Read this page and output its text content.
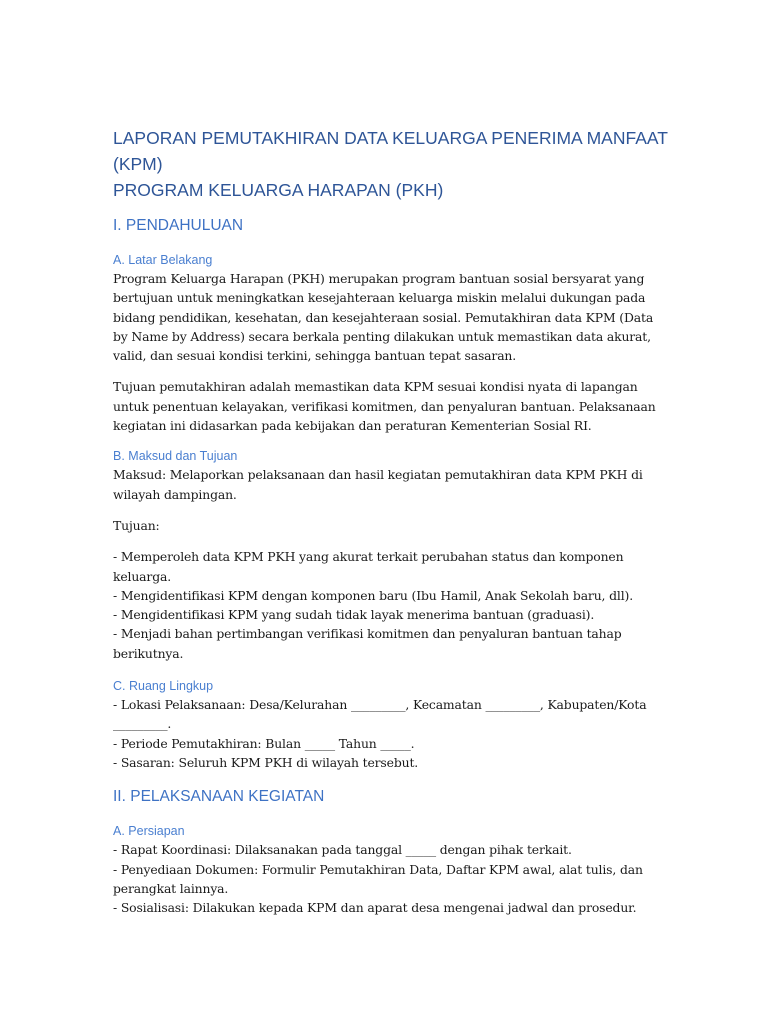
LAPORAN PEMUTAKHIRAN DATA KELUARGA PENERIMA MANFAAT (KPM)
PROGRAM KELUARGA HARAPAN (PKH)
I. PENDAHULUAN
A. Latar Belakang

Program Keluarga Harapan (PKH) merupakan program bantuan sosial bersyarat yang bertujuan untuk meningkatkan kesejahteraan keluarga miskin melalui dukungan pada bidang pendidikan, kesehatan, dan kesejahteraan sosial. Pemutakhiran data KPM (Data by Name by Address) secara berkala penting dilakukan untuk memastikan data akurat, valid, dan sesuai kondisi terkini, sehingga bantuan tepat sasaran.

Tujuan pemutakhiran adalah memastikan data KPM sesuai kondisi nyata di lapangan untuk penentuan kelayakan, verifikasi komitmen, dan penyaluran bantuan. Pelaksanaan kegiatan ini didasarkan pada kebijakan dan peraturan Kementerian Sosial RI.

B. Maksud dan Tujuan

Maksud: Melaporkan pelaksanaan dan hasil kegiatan pemutakhiran data KPM PKH di wilayah dampingan.

Tujuan:

- Memperoleh data KPM PKH yang akurat terkait perubahan status dan komponen keluarga.
- Mengidentifikasi KPM dengan komponen baru (Ibu Hamil, Anak Sekolah baru, dll).
- Mengidentifikasi KPM yang sudah tidak layak menerima bantuan (graduasi).
- Menjadi bahan pertimbangan verifikasi komitmen dan penyaluran bantuan tahap berikutnya.
C. Ruang Lingkup
- Lokasi Pelaksanaan: Desa/Kelurahan _________, Kecamatan _________, Kabupaten/Kota _________.
- Periode Pemutakhiran: Bulan _____ Tahun _____.
- Sasaran: Seluruh KPM PKH di wilayah tersebut.
II. PELAKSANAAN KEGIATAN
A. Persiapan
- Rapat Koordinasi: Dilaksanakan pada tanggal _____ dengan pihak terkait.
- Penyediaan Dokumen: Formulir Pemutakhiran Data, Daftar KPM awal, alat tulis, dan perangkat lainnya.
- Sosialisasi: Dilakukan kepada KPM dan aparat desa mengenai jadwal dan prosedur.
